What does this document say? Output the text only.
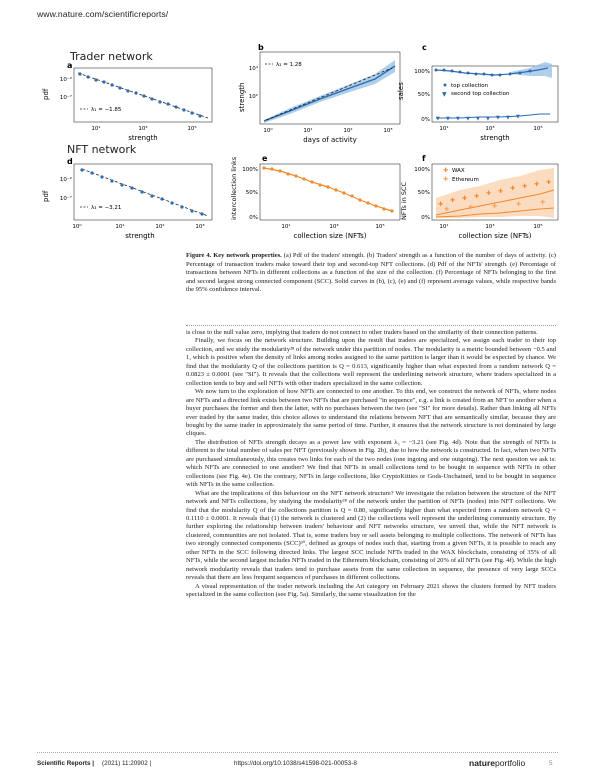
www.nature.com/scientificreports/
Trader network
NFT network
a
pdf
10⁻²
10⁻⁷
10¹	10³	10⁵
strength
λ₁ = −1.85
b
strength
10⁴
10²
10⁰	10¹	10²	10³
days of activity
λ₂ = 1.28
c
sales
100%
50%
0%
10¹	10³	10⁵
strength
▼ ▼ ▼ ▼ ▼ ▼ ▼ ▼ ▼
top collection
▼ second top collection
d
pdf
10⁻²
10⁻⁷
10⁰	10¹	10²	10³
strength
λ₃ = −3.21
e
intercollection links 100%
50%
0%
10¹	10³	10⁵
collection size (NFTs)
f
NFTs in SCC
100%
50%
0%
10¹	10³	10⁵
collection size (NFTs)
✚
✚ ✚ ✚ ✚ ✚ ✚ ✚ ✚ ✚
✚	✚	✚	✚	✚
✚ WAX
✚ Ethereum
Figure 4. Key network properties. (a) Pdf of the traders' strength. (b) Traders' strength as a function of the number of days of activity. (c) Percentage of transaction traders make toward their top and second-top NFT collections. (d) Pdf of the NFTs' strength. (e) Percentage of transactions between NFTs in different collections as a function of the size of the collection. (f) Percentage of NFTs belonging to the first and second largest strong connected component (SCC). Solid curves in (b), (c), (e) and (f) represent average values, while respective bands the 95% confidence interval.

is close to the null value zero, implying that traders do not connect to other traders based on the similarity of their connection patterns.

Finally, we focus on the network structure. Building upon the result that traders are specialized, we assign each trader to their top collection, and we study the modularity²⁸ of the network under this partition of nodes. The modularity is a metric bounded between −0.5 and 1, which is positive when the density of links among nodes assigned to the same partition is larger than it would be expected by chance. We find that the modularity Q of the collections partition is Q = 0.613, significantly higher than what expected from a random network Q = 0.0823 ± 0.0001 (see "SI"). It reveals that the collections well represent the underlining network structure, where traders specialized in a collection tends to buy and sell NFTs with other traders specialized in the same collection.

We now turn to the exploration of how NFTs are connected to one another. To this end, we construct the network of NFTs, where nodes are NFTs and a directed link exists between two NFTs that are purchased "in sequence", e.g. a link is created from an NFT to another when a buyer purchases the former and then the latter, with no purchases between the two (see "SI" for more details). Rather than linking all NFTs ever traded by the same trader, this choice allows to understand the relations between NFT that are semantically similar, because they are bought by the same trader in approximately the same period of time. Further, it ensures that the network structure is not dominated by large cliques.

The distribution of NFTs strength decays as a power law with exponent λ₃ = −3.21 (see Fig. 4d). Note that the strength of NFTs is different to the total number of sales per NFT (previously shown in Fig. 2b), due to how the network is constructed. In fact, when two NFTs are purchased simultaneously, this creates two links for each of the two nodes (one ingoing and one outgoing). The next question we ask is: which NFTs are connected to one another? We find that NFTs in small collections tend to be bought in sequence with NFTs in other collections (see Fig. 4e). On the contrary, NFTs in large collections, like CryptoKitties or Gods-Unchained, tend to be bought in sequence with NFTs in the same collection.

What are the implications of this behaviour on the NFT network structure? We investigate the relation between the structure of the NFT network and NFTs collections, by studying the modularity²⁸ of the network under the partition of NFTs (nodes) into NFT collections. We find that the modularity Q of the collections partition is Q = 0.80, significantly higher than what expected from a random network Q = 0.1110 ± 0.0001. It reveals that (1) the network is clustered and (2) the collections well represent the underlining community structure. By further exploring the relationship between traders' behaviour and NFT networks structure, we unveil that, while the NFT network is clustered, communities are not isolated. That is, some traders buy or sell assets belonging to multiple collections. The network of NFTs has two strongly connected components (SCC)³⁰, defined as groups of nodes such that, starting from a given NFTs, it is possible to reach any other NFTs in the SCC following directed links. The largest SCC include NFTs traded in the WAX blockchain, consisting of 35% of all NFTs, while the second largest includes NFTs traded in the Ethereum blockchain, consisting of 20% of all NFTs (see Fig. 4f). While the high network modularity reveals that traders tend to purchase assets from the same collection in sequence, the presence of very large SCCs reveals that there are less frequent sequences of purchases in different collections.

A visual representation of the trader network including the Art category on February 2021 shows the clusters formed by NFT traders specialized in the same collection (see Fig. 5a). Similarly, the same visualization for the

Scientific Reports | (2021) 11:20902 |	https://doi.org/10.1038/s41598-021-00053-8	natureportfolio	5
